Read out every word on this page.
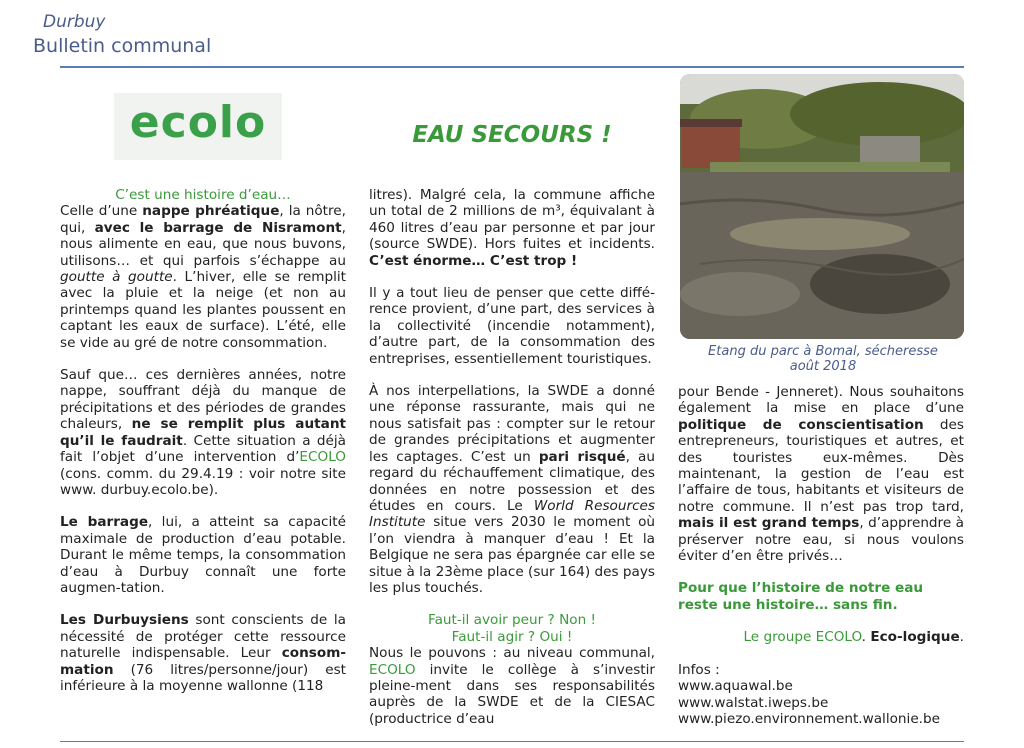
Durbuy
Bulletin communal
ecolo	EAU SECOURS !

C’est une histoire d’eau…

Celle d’une nappe phréatique, la nôtre, qui, avec le barrage de Nisramont, nous alimente en eau, que nous buvons, utilisons… et qui parfois s’échappe au goutte à goutte. L’hiver, elle se remplit avec la pluie et la neige (et non au printemps quand les plantes poussent en captant les eaux de surface). L’été, elle se vide au gré de notre consommation.

Sauf que… ces dernières années, notre nappe, souffrant déjà du manque de précipitations et des périodes de grandes chaleurs, ne se remplit plus autant qu’il le faudrait. Cette situation a déjà fait l’objet d’une intervention d’ECOLO (cons. comm. du 29.4.19 : voir notre site www. durbuy.ecolo.be).

Le barrage, lui, a atteint sa capacité maximale de production d’eau potable. Durant le même temps, la consommation d’eau à Durbuy connaît une forte augmen-tation.

Les Durbuysiens sont conscients de la nécessité de protéger cette ressource naturelle indispensable. Leur consom-mation (76 litres/personne/jour) est inférieure à la moyenne wallonne (118

litres). Malgré cela, la commune affiche un total de 2 millions de m³, équivalant à 460 litres d’eau par personne et par jour (source SWDE). Hors fuites et incidents. C’est énorme… C’est trop !

Il y a tout lieu de penser que cette diffé-rence provient, d’une part, des services à la collectivité (incendie notamment), d’autre part, de la consommation des entreprises, essentiellement touristiques.

À nos interpellations, la SWDE a donné une réponse rassurante, mais qui ne nous satisfait pas : compter sur le retour de grandes précipitations et augmenter les captages. C’est un pari risqué, au regard du réchauffement climatique, des données en notre possession et des études en cours. Le World Resources Institute situe vers 2030 le moment où l’on viendra à manquer d’eau ! Et la Belgique ne sera pas épargnée car elle se situe à la 23ème place (sur 164) des pays les plus touchés.

Faut-il avoir peur ? Non !

Faut-il agir ? Oui !

Nous le pouvons : au niveau communal, ECOLO invite le collège à s’investir pleine-ment dans ses responsabilités auprès de la SWDE et de la CIESAC (productrice d’eau

Etang du parc à Bomal, sécheresse
août 2018

pour Bende - Jenneret). Nous souhaitons également la mise en place d’une politique de conscientisation des entrepreneurs, touristiques et autres, et des touristes eux-mêmes. Dès maintenant, la gestion de l’eau est l’affaire de tous, habitants et visiteurs de notre commune. Il n’est pas trop tard, mais il est grand temps, d’apprendre à préserver notre eau, si nous voulons éviter d’en être privés…

Pour que l’histoire de notre eau reste une histoire… sans fin.

Le groupe ECOLO. Eco-logique.

Infos :

www.aquawal.be

www.walstat.iweps.be

www.piezo.environnement.wallonie.be
